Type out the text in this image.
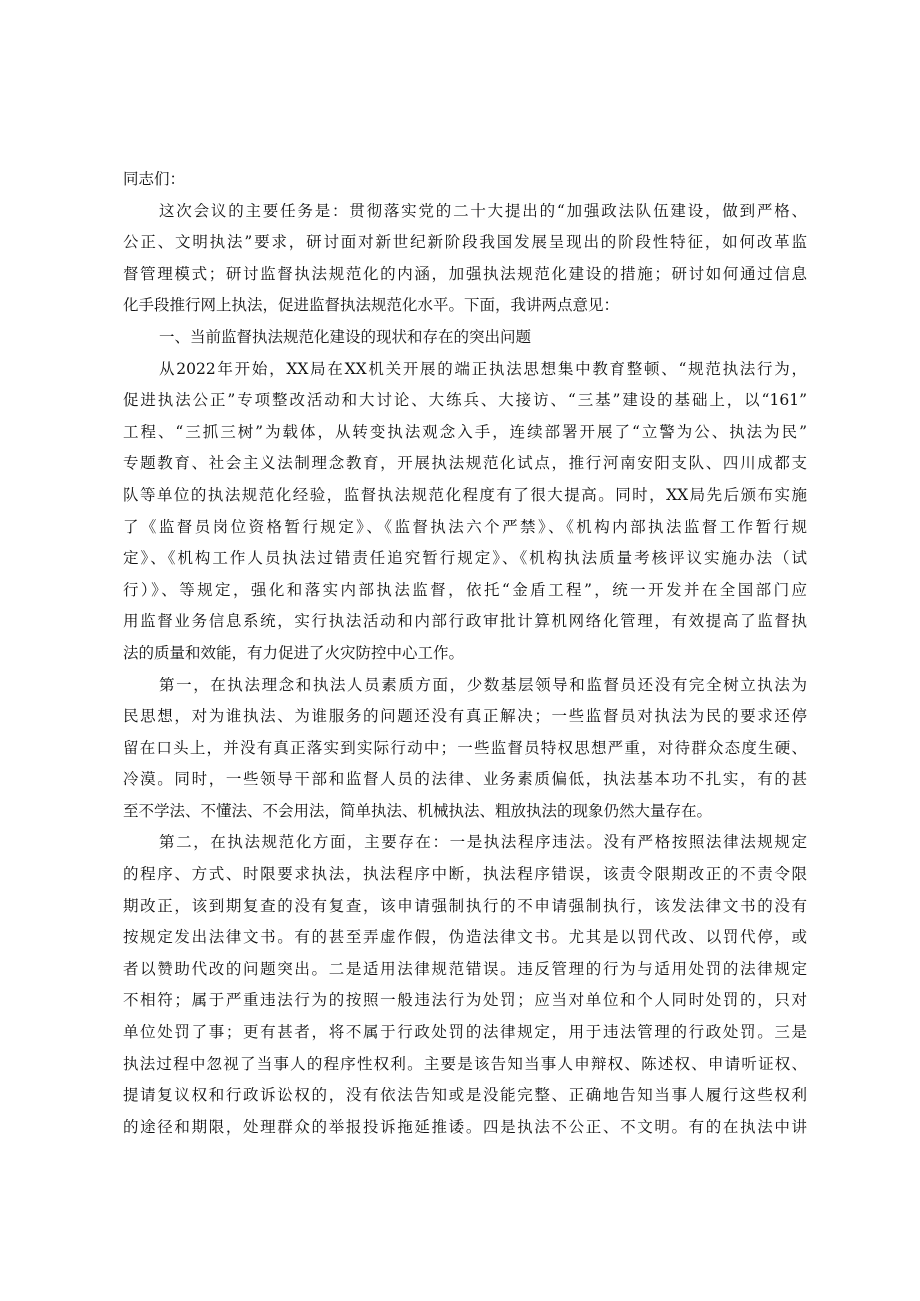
同志们：
这次会议的主要任务是：贯彻落实党的二十大提出的“加强政法队伍建设，做到严格、
公正、文明执法”要求，研讨面对新世纪新阶段我国发展呈现出的阶段性特征，如何改革监
督管理模式；研讨监督执法规范化的内涵，加强执法规范化建设的措施；研讨如何通过信息
化手段推行网上执法，促进监督执法规范化水平。下面，我讲两点意见：
一、当前监督执法规范化建设的现状和存在的突出问题
从2022年开始，XX局在XX机关开展的端正执法思想集中教育整顿、“规范执法行为，
促进执法公正”专项整改活动和大讨论、大练兵、大接访、“三基”建设的基础上，以“161”
工程、“三抓三树”为载体，从转变执法观念入手，连续部署开展了“立警为公、执法为民”
专题教育、社会主义法制理念教育，开展执法规范化试点，推行河南安阳支队、四川成都支
队等单位的执法规范化经验，监督执法规范化程度有了很大提高。同时，XX局先后颁布实施
了《监督员岗位资格暂行规定》、《监督执法六个严禁》、《机构内部执法监督工作暂行规
定》、《机构工作人员执法过错责任追究暂行规定》、《机构执法质量考核评议实施办法（试
行）》、等规定，强化和落实内部执法监督，依托“金盾工程”，统一开发并在全国部门应
用监督业务信息系统，实行执法活动和内部行政审批计算机网络化管理，有效提高了监督执
法的质量和效能，有力促进了火灾防控中心工作。
第一，在执法理念和执法人员素质方面，少数基层领导和监督员还没有完全树立执法为
民思想，对为谁执法、为谁服务的问题还没有真正解决；一些监督员对执法为民的要求还停
留在口头上，并没有真正落实到实际行动中；一些监督员特权思想严重，对待群众态度生硬、
冷漠。同时，一些领导干部和监督人员的法律、业务素质偏低，执法基本功不扎实，有的甚
至不学法、不懂法、不会用法，简单执法、机械执法、粗放执法的现象仍然大量存在。
第二，在执法规范化方面，主要存在：一是执法程序违法。没有严格按照法律法规规定
的程序、方式、时限要求执法，执法程序中断，执法程序错误，该责令限期改正的不责令限
期改正，该到期复查的没有复查，该申请强制执行的不申请强制执行，该发法律文书的没有
按规定发出法律文书。有的甚至弄虚作假，伪造法律文书。尤其是以罚代改、以罚代停，或
者以赞助代改的问题突出。二是适用法律规范错误。违反管理的行为与适用处罚的法律规定
不相符；属于严重违法行为的按照一般违法行为处罚；应当对单位和个人同时处罚的，只对
单位处罚了事；更有甚者，将不属于行政处罚的法律规定，用于违法管理的行政处罚。三是
执法过程中忽视了当事人的程序性权利。主要是该告知当事人申辩权、陈述权、申请听证权、
提请复议权和行政诉讼权的，没有依法告知或是没能完整、正确地告知当事人履行这些权利
的途径和期限，处理群众的举报投诉拖延推诿。四是执法不公正、不文明。有的在执法中讲
